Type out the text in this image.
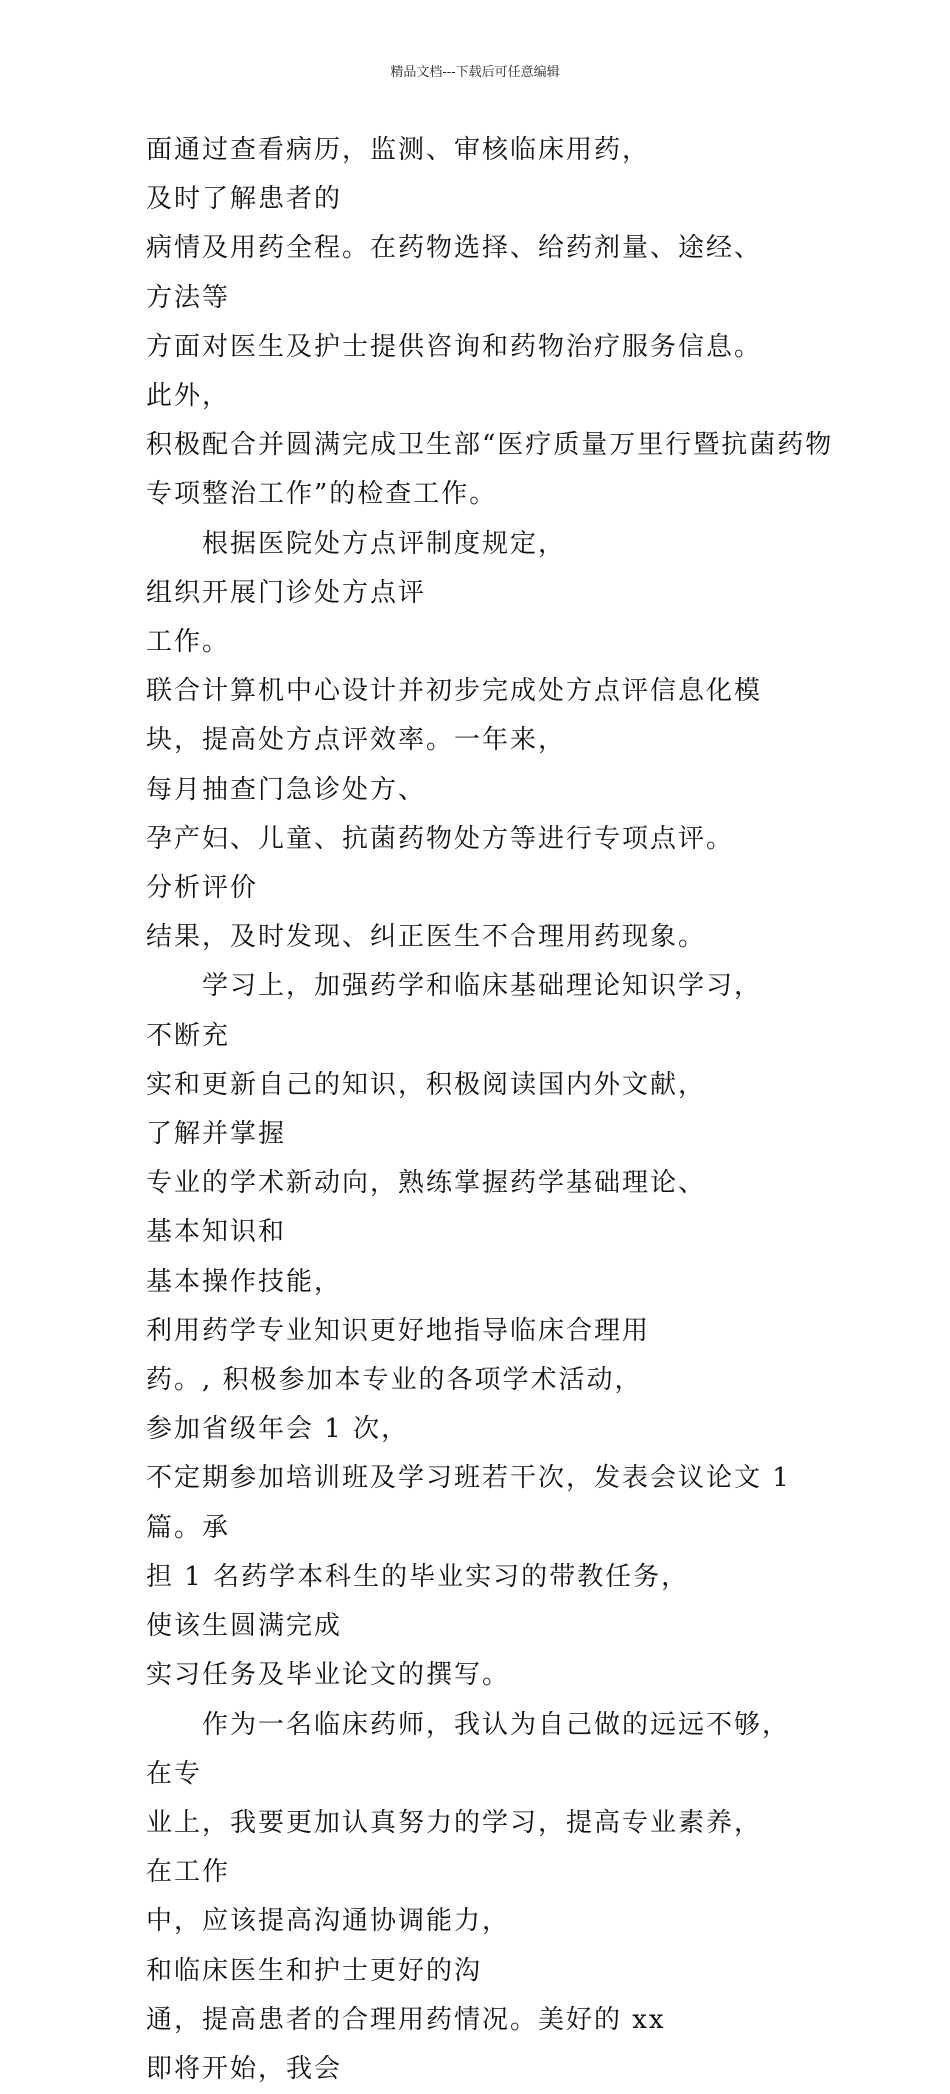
精品文档---下载后可任意编辑

面通过查看病历，监测、审核临床用药，及时了解患者的
病情及用药全程。在药物选择、给药剂量、途经、方法等
方面对医生及护士提供咨询和药物治疗服务信息。此外，
积极配合并圆满完成卫生部“医疗质量万里行暨抗菌药物
专项整治工作”的检查工作。

　　根据医院处方点评制度规定，组织开展门诊处方点评
工作。联合计算机中心设计并初步完成处方点评信息化模
块，提高处方点评效率。一年来，每月抽查门急诊处方、
孕产妇、儿童、抗菌药物处方等进行专项点评。分析评价
结果，及时发现、纠正医生不合理用药现象。

　　学习上，加强药学和临床基础理论知识学习，不断充
实和更新自己的知识，积极阅读国内外文献，了解并掌握
专业的学术新动向，熟练掌握药学基础理论、基本知识和
基本操作技能，利用药学专业知识更好地指导临床合理用
药。, 积极参加本专业的各项学术活动，参加省级年会 1 次，
不定期参加培训班及学习班若干次，发表会议论文 1 篇。承
担 1 名药学本科生的毕业实习的带教任务，使该生圆满完成
实习任务及毕业论文的撰写。

　　作为一名临床药师，我认为自己做的远远不够，在专
业上，我要更加认真努力的学习，提高专业素养，在工作
中，应该提高沟通协调能力，和临床医生和护士更好的沟
通，提高患者的合理用药情况。美好的 xx 即将开始，我会
